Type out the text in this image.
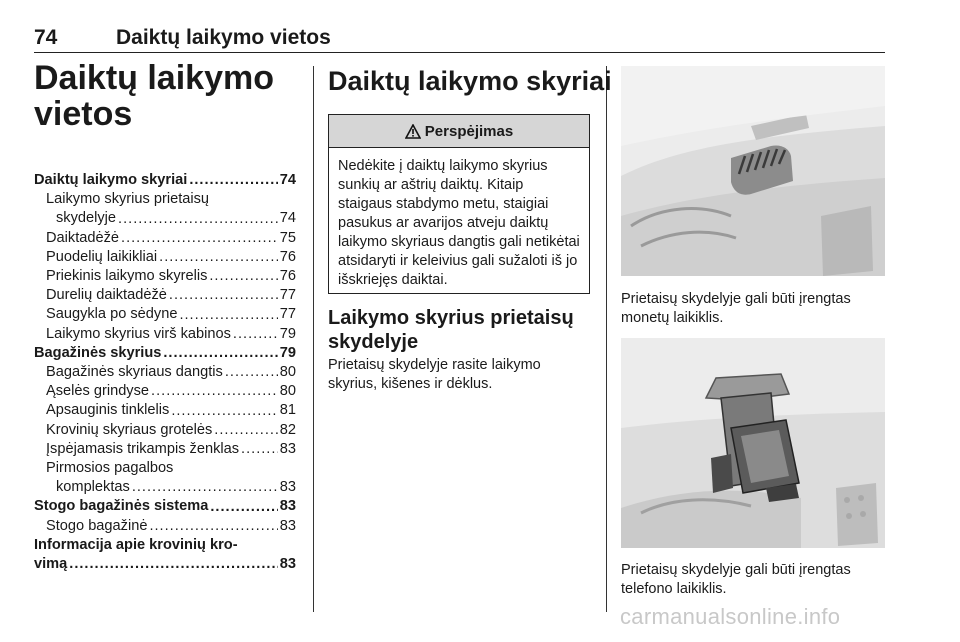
74	Daiktų laikymo vietos
Daiktų laikymo vietos
Daiktų laikymo skyriai .....	74
Laikymo skyrius prietaisų
skydelyje .....	74
Daiktadėžė .....	75
Puodelių laikikliai .....	76
Priekinis laikymo skyrelis .....	76
Durelių daiktadėžė .....	77
Saugykla po sėdyne .....	77
Laikymo skyrius virš kabinos .....	79
Bagažinės skyrius .....	79
Bagažinės skyriaus dangtis .....	80
Ąselės grindyse .....	80
Apsauginis tinklelis .....	81
Krovinių skyriaus grotelės .....	82
Įspėjamasis trikampis ženklas .....	83
Pirmosios pagalbos
komplektas .....	83
Stogo bagažinės sistema .....	83
Stogo bagažinė .....	83
Informacija apie krovinių kro-
vimą .....	83
Daiktų laikymo skyriai
Perspėjimas
Nedėkite į daiktų laikymo skyrius sunkių ar aštrių daiktų. Kitaip staigaus stabdymo metu, staigiai pasukus ar avarijos atveju daiktų laikymo skyriaus dangtis gali netikėtai atsidaryti ir keleivius gali sužaloti iš jo išskriejęs daiktai.
Laikymo skyrius prietaisų skydelyje
Prietaisų skydelyje rasite laikymo skyrius, kišenes ir dėklus.
Prietaisų skydelyje gali būti įrengtas monetų laikiklis.
Prietaisų skydelyje gali būti įrengtas telefono laikiklis.
carmanualsonline.info
